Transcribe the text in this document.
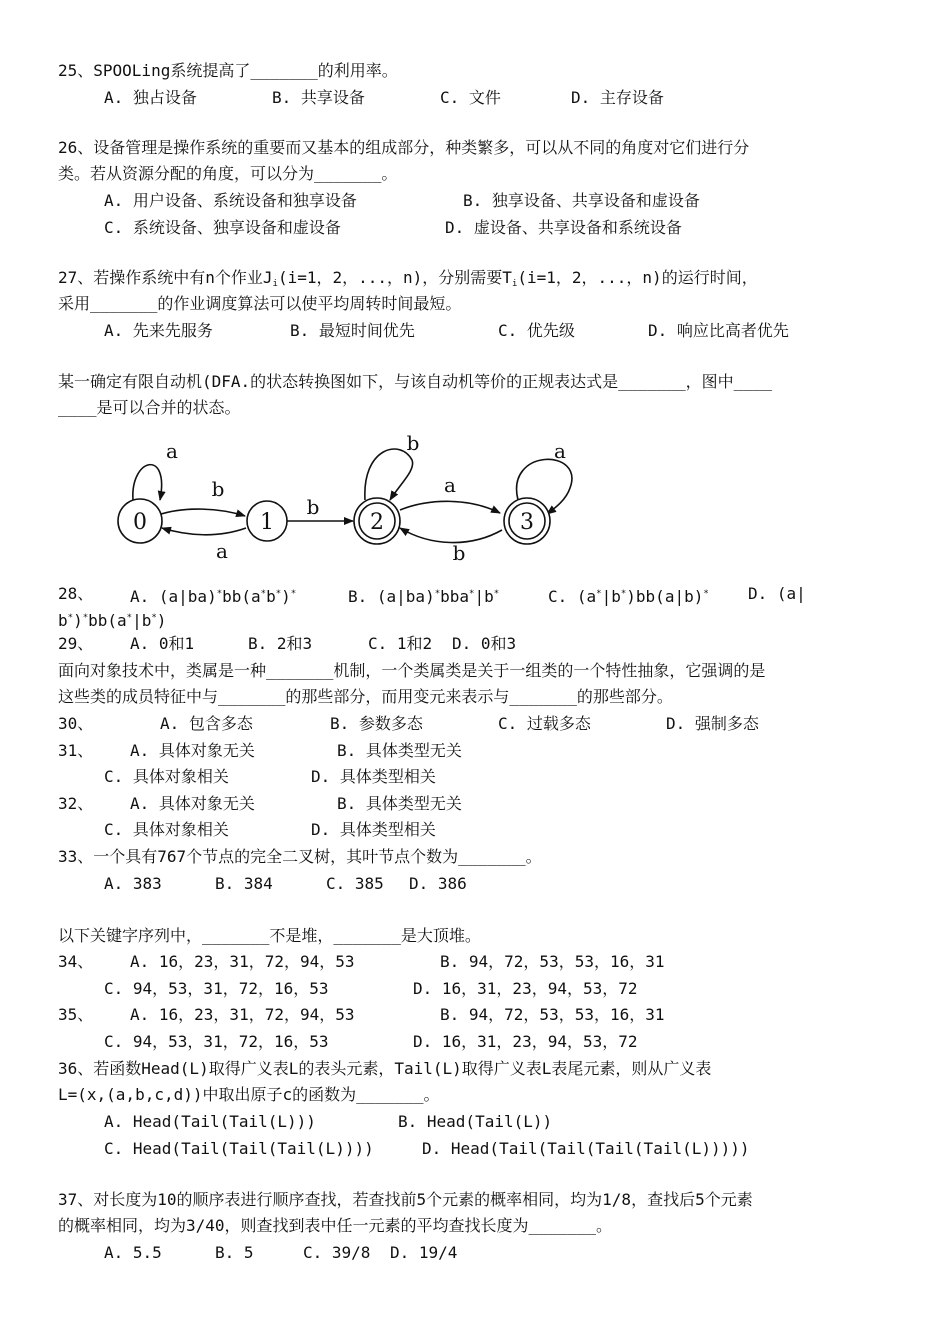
25、SPOOLing系统提高了_______的利用率。
A. 独占设备	B. 共享设备	C. 文件	D. 主存设备
26、设备管理是操作系统的重要而又基本的组成部分，种类繁多，可以从不同的角度对它们进行分
类。若从资源分配的角度，可以分为_______。
A. 用户设备、系统设备和独享设备	B. 独享设备、共享设备和虚设备
C. 系统设备、独享设备和虚设备	D. 虚设备、共享设备和系统设备
27、若操作系统中有n个作业$J_i(i=1$，2，...，n)，分别需要$T_i(i=1$，2，...，n)的运行时间，
采用_______的作业调度算法可以使平均周转时间最短。
A. 先来先服务	B. 最短时间优先	C. 优先级	D. 响应比高者优先
某一确定有限自动机(DFA.的状态转换图如下，与该自动机等价的正规表达式是_______，图中____
____是可以合并的状态。
0	1	2	3
a
b
a
b
b
a
b
a
28、 A. (a|ba)*bb(a*b*)*	B. (a|ba)*bba*|b*	C. (a*|b*)bb(a|b)* D. (a|
b*)*bb(a*|b*)
29、 A. 0和1	B. 2和3	C. 1和2 D. 0和3
面向对象技术中，类属是一种_______机制，一个类属类是关于一组类的一个特性抽象，它强调的是
这些类的成员特征中与_______的那些部分，而用变元来表示与_______的那些部分。
30、	A. 包含多态	B. 参数多态	C. 过载多态	D. 强制多态
31、 A. 具体对象无关	B. 具体类型无关
C. 具体对象相关	D. 具体类型相关
32、 A. 具体对象无关	B. 具体类型无关
C. 具体对象相关	D. 具体类型相关
33、一个具有767个节点的完全二叉树，其叶节点个数为_______。
A. 383	B. 384	C. 385 D. 386
以下关键字序列中，_______不是堆，_______是大顶堆。
34、 A. 16，23，31，72，94，53	B. 94，72，53，53，16，31
C. 94，53，31，72，16，53	D. 16，31，23，94，53，72
35、 A. 16，23，31，72，94，53	B. 94，72，53，53，16，31
C. 94，53，31，72，16，53	D. 16，31，23，94，53，72
36、若函数Head(L)取得广义表L的表头元素，Tail(L)取得广义表L表尾元素，则从广义表
L=(x,(a,b,c,d))中取出原子c的函数为_______。
A. Head(Tail(Tail(L)))	B. Head(Tail(L))
C. Head(Tail(Tail(Tail(L))))	D. Head(Tail(Tail(Tail(Tail(L)))))
37、对长度为10的顺序表进行顺序查找，若查找前5个元素的概率相同，均为1/8，查找后5个元素
的概率相同，均为3/40，则查找到表中任一元素的平均查找长度为_______。
A. 5.5	B. 5	C. 39/8 D. 19/4
